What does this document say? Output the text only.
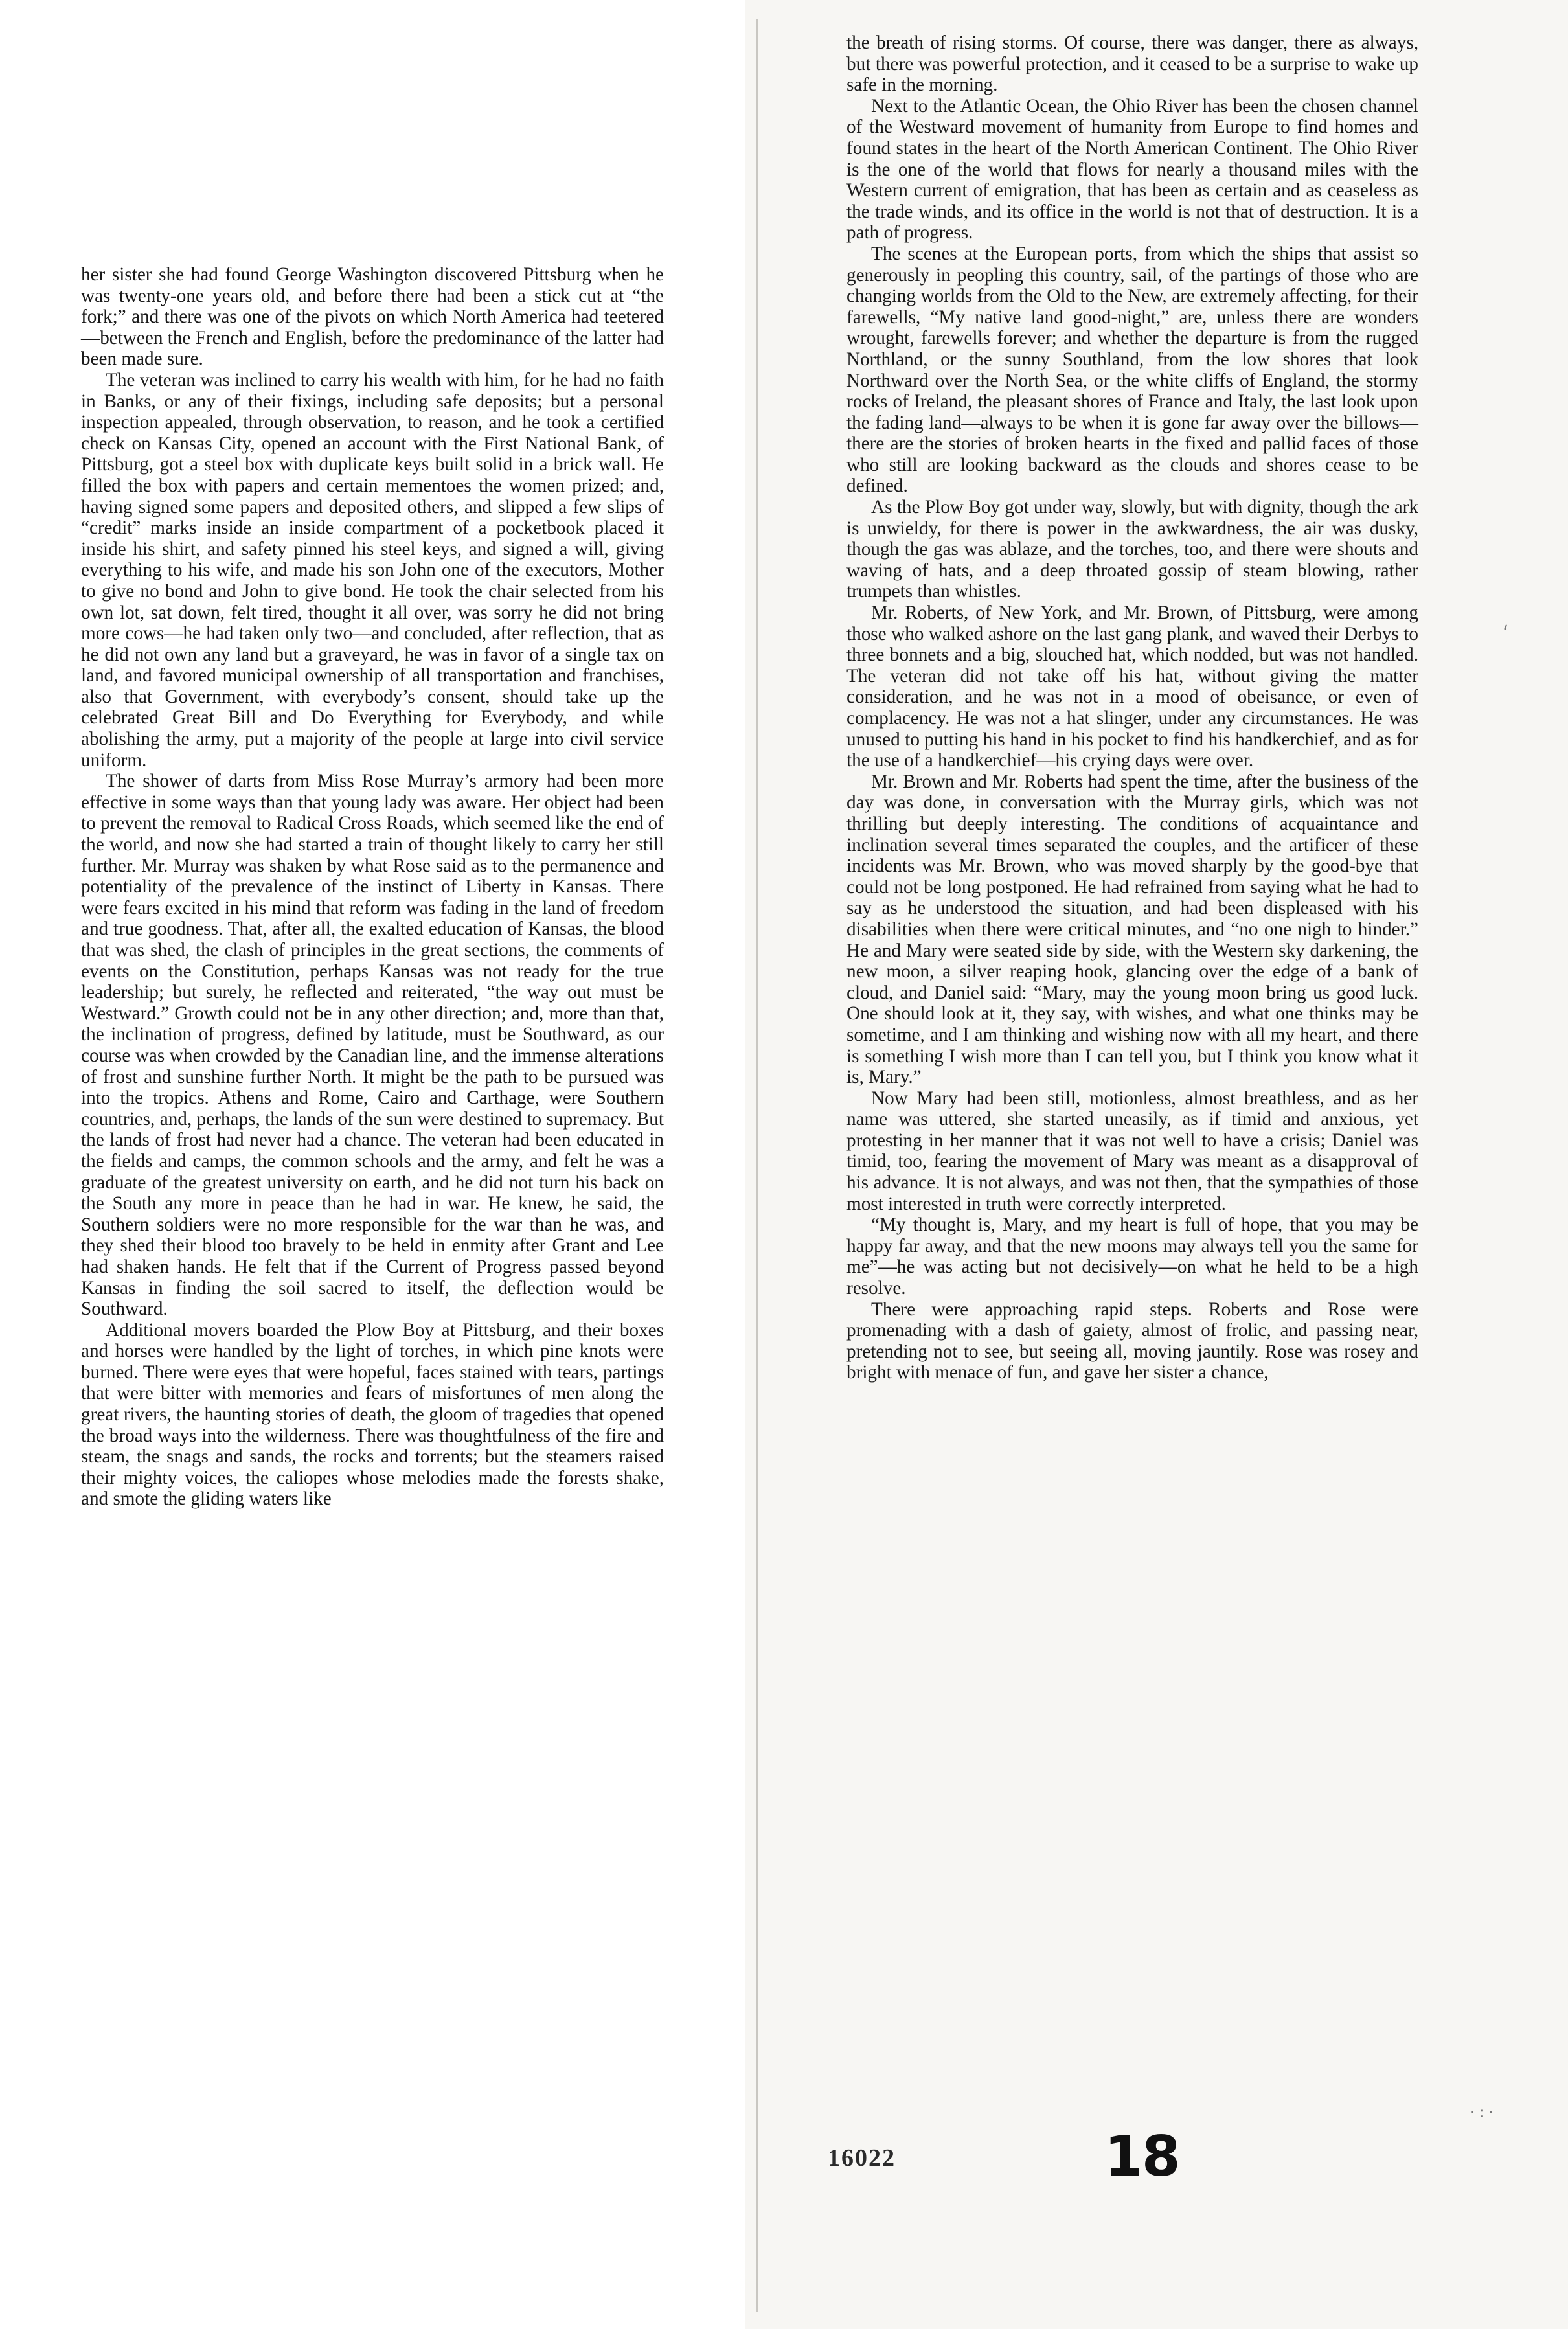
her sister she had found George Washington discovered Pittsburg when he was twenty-one years old, and before there had been a stick cut at “the fork;” and there was one of the pivots on which North America had teetered —between the French and English, before the predominance of the latter had been made sure.

The veteran was inclined to carry his wealth with him, for he had no faith in Banks, or any of their fixings, including safe deposits; but a personal inspection appealed, through observation, to reason, and he took a certified check on Kansas City, opened an account with the First National Bank, of Pittsburg, got a steel box with duplicate keys built solid in a brick wall. He filled the box with papers and certain mementoes the women prized; and, having signed some papers and deposited others, and slipped a few slips of “credit” marks inside an inside compartment of a pocketbook placed it inside his shirt, and safety pinned his steel keys, and signed a will, giving everything to his wife, and made his son John one of the executors, Mother to give no bond and John to give bond. He took the chair selected from his own lot, sat down, felt tired, thought it all over, was sorry he did not bring more cows—he had taken only two—and concluded, after reflection, that as he did not own any land but a graveyard, he was in favor of a single tax on land, and favored municipal ownership of all transportation and franchises, also that Government, with everybody’s consent, should take up the celebrated Great Bill and Do Everything for Everybody, and while abolishing the army, put a majority of the people at large into civil service uniform.

The shower of darts from Miss Rose Murray’s armory had been more effective in some ways than that young lady was aware. Her object had been to prevent the removal to Radical Cross Roads, which seemed like the end of the world, and now she had started a train of thought likely to carry her still further. Mr. Murray was shaken by what Rose said as to the permanence and potentiality of the prevalence of the instinct of Liberty in Kansas. There were fears excited in his mind that reform was fading in the land of freedom and true goodness. That, after all, the exalted education of Kansas, the blood that was shed, the clash of principles in the great sections, the comments of events on the Constitution, perhaps Kansas was not ready for the true leadership; but surely, he reflected and reiterated, “the way out must be Westward.” Growth could not be in any other direction; and, more than that, the inclination of progress, defined by latitude, must be Southward, as our course was when crowded by the Canadian line, and the immense alterations of frost and sunshine further North. It might be the path to be pursued was into the tropics. Athens and Rome, Cairo and Carthage, were Southern countries, and, perhaps, the lands of the sun were destined to supremacy. But the lands of frost had never had a chance. The veteran had been educated in the fields and camps, the common schools and the army, and felt he was a graduate of the greatest university on earth, and he did not turn his back on the South any more in peace than he had in war. He knew, he said, the Southern soldiers were no more responsible for the war than he was, and they shed their blood too bravely to be held in enmity after Grant and Lee had shaken hands. He felt that if the Current of Progress passed beyond Kansas in finding the soil sacred to itself, the deflection would be Southward.

Additional movers boarded the Plow Boy at Pittsburg, and their boxes and horses were handled by the light of torches, in which pine knots were burned. There were eyes that were hopeful, faces stained with tears, partings that were bitter with memories and fears of misfortunes of men along the great rivers, the haunting stories of death, the gloom of tragedies that opened the broad ways into the wilderness. There was thoughtfulness of the fire and steam, the snags and sands, the rocks and torrents; but the steamers raised their mighty voices, the caliopes whose melodies made the forests shake, and smote the gliding waters like

the breath of rising storms. Of course, there was danger, there as always, but there was powerful protection, and it ceased to be a surprise to wake up safe in the morning.

Next to the Atlantic Ocean, the Ohio River has been the chosen channel of the Westward movement of humanity from Europe to find homes and found states in the heart of the North American Continent. The Ohio River is the one of the world that flows for nearly a thousand miles with the Western current of emigration, that has been as certain and as ceaseless as the trade winds, and its office in the world is not that of destruction. It is a path of progress.

The scenes at the European ports, from which the ships that assist so generously in peopling this country, sail, of the partings of those who are changing worlds from the Old to the New, are extremely affecting, for their farewells, “My native land good-night,” are, unless there are wonders wrought, farewells forever; and whether the departure is from the rugged Northland, or the sunny Southland, from the low shores that look Northward over the North Sea, or the white cliffs of England, the stormy rocks of Ireland, the pleasant shores of France and Italy, the last look upon the fading land—always to be when it is gone far away over the billows—there are the stories of broken hearts in the fixed and pallid faces of those who still are looking backward as the clouds and shores cease to be defined.

As the Plow Boy got under way, slowly, but with dignity, though the ark is unwieldy, for there is power in the awkwardness, the air was dusky, though the gas was ablaze, and the torches, too, and there were shouts and waving of hats, and a deep throated gossip of steam blowing, rather trumpets than whistles.

Mr. Roberts, of New York, and Mr. Brown, of Pittsburg, were among those who walked ashore on the last gang plank, and waved their Derbys to three bonnets and a big, slouched hat, which nodded, but was not handled. The veteran did not take off his hat, without giving the matter consideration, and he was not in a mood of obeisance, or even of complacency. He was not a hat slinger, under any circumstances. He was unused to putting his hand in his pocket to find his handkerchief, and as for the use of a handkerchief—his crying days were over.

Mr. Brown and Mr. Roberts had spent the time, after the business of the day was done, in conversation with the Murray girls, which was not thrilling but deeply interesting. The conditions of acquaintance and inclination several times separated the couples, and the artificer of these incidents was Mr. Brown, who was moved sharply by the good-bye that could not be long postponed. He had refrained from saying what he had to say as he understood the situation, and had been displeased with his disabilities when there were critical minutes, and “no one nigh to hinder.” He and Mary were seated side by side, with the Western sky darkening, the new moon, a silver reaping hook, glancing over the edge of a bank of cloud, and Daniel said: “Mary, may the young moon bring us good luck. One should look at it, they say, with wishes, and what one thinks may be sometime, and I am thinking and wishing now with all my heart, and there is something I wish more than I can tell you, but I think you know what it is, Mary.”

Now Mary had been still, motionless, almost breathless, and as her name was uttered, she started uneasily, as if timid and anxious, yet protesting in her manner that it was not well to have a crisis; Daniel was timid, too, fearing the movement of Mary was meant as a disapproval of his advance. It is not always, and was not then, that the sympathies of those most interested in truth were correctly interpreted.

“My thought is, Mary, and my heart is full of hope, that you may be happy far away, and that the new moons may always tell you the same for me”—he was acting but not decisively—on what he held to be a high resolve.

There were approaching rapid steps. Roberts and Rose were promenading with a dash of gaiety, almost of frolic, and passing near, pretending not to see, but seeing all, moving jauntily. Rose was rosey and bright with menace of fun, and gave her sister a chance,

16022	18
‘
· : ·
